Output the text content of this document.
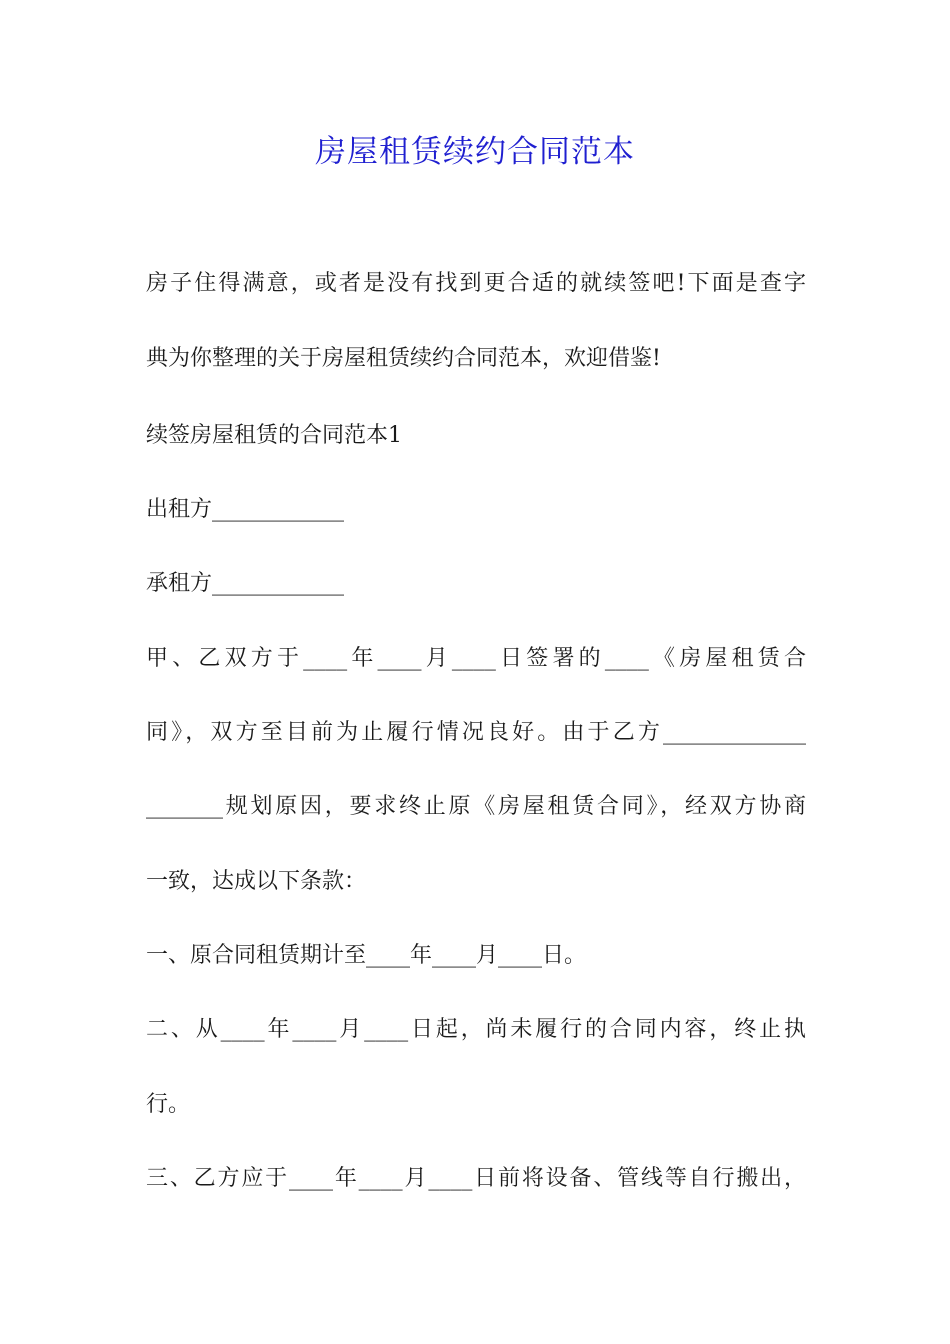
房屋租赁续约合同范本

房子住得满意，或者是没有找到更合适的就续签吧!下面是查字

典为你整理的关于房屋租赁续约合同范本，欢迎借鉴!

续签房屋租赁的合同范本1

出租方____________

承租方____________

甲、乙双方于____年____月____日签署的____《房屋租赁合

同》，双方至目前为止履行情况良好。由于乙方_____________

_______规划原因，要求终止原《房屋租赁合同》，经双方协商

一致，达成以下条款：

一、原合同租赁期计至____年____月____日。

二、从____年____月____日起，尚未履行的合同内容，终止执

行。

三、乙方应于____年____月____日前将设备、管线等自行搬出，
